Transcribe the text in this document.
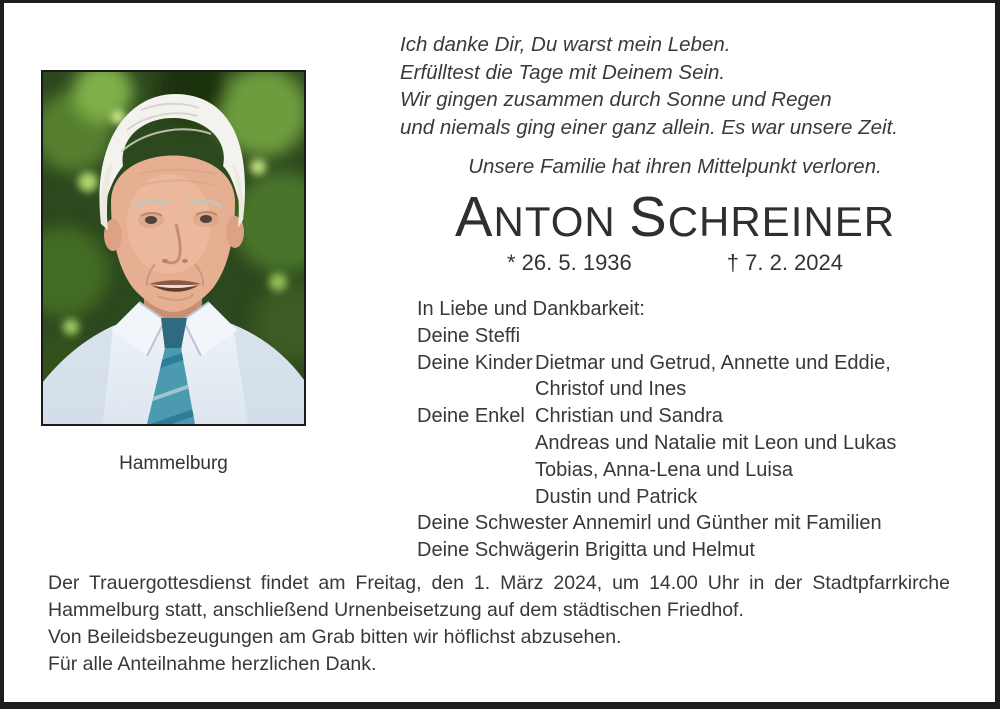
Hammelburg
Ich danke Dir, Du warst mein Leben.
Erfülltest die Tage mit Deinem Sein.
Wir gingen zusammen durch Sonne und Regen
und niemals ging einer ganz allein. Es war unsere Zeit.
Unsere Familie hat ihren Mittelpunkt verloren.
ANTON SCHREINER
* 26. 5. 1936	† 7. 2. 2024
In Liebe und Dankbarkeit:
Deine Steffi
Deine Kinder Dietmar und Getrud, Annette und Eddie,
Christof und Ines
Deine Enkel Christian und Sandra
Andreas und Natalie mit Leon und Lukas
Tobias, Anna-Lena und Luisa
Dustin und Patrick
Deine Schwester Annemirl und Günther mit Familien
Deine Schwägerin Brigitta und Helmut
Der Trauergottesdienst findet am Freitag, den 1. März 2024, um 14.00 Uhr in der Stadtpfarrkirche
Hammelburg statt, anschließend Urnenbeisetzung auf dem städtischen Friedhof.
Von Beileidsbezeugungen am Grab bitten wir höflichst abzusehen.
Für alle Anteilnahme herzlichen Dank.
